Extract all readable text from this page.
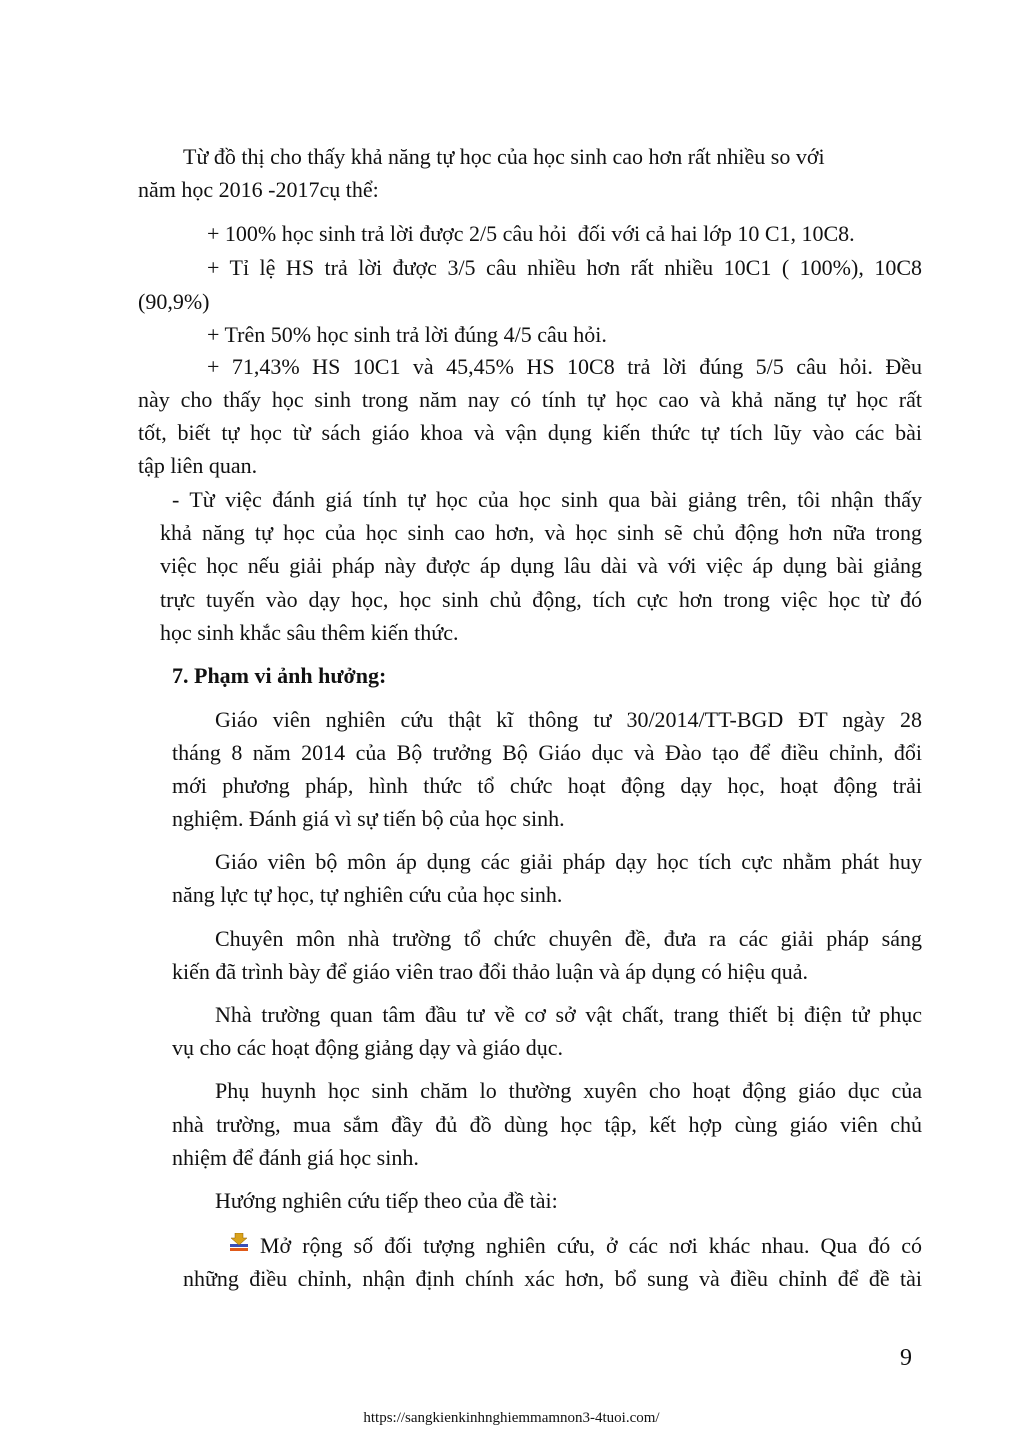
Từ đồ thị cho thấy khả năng tự học của học sinh cao hơn rất nhiều so với
năm học 2016 -2017cụ thể:
+ 100% học sinh trả lời được 2/5 câu hỏi  đối với cả hai lớp 10 C1, 10C8.
+ Tỉ lệ HS trả lời được 3/5 câu nhiều hơn rất nhiều 10C1 ( 100%), 10C8
(90,9%)
+ Trên 50% học sinh trả lời đúng 4/5 câu hỏi.
+ 71,43% HS 10C1 và 45,45% HS 10C8 trả lời đúng 5/5 câu hỏi. Đều
này cho thấy học sinh trong năm nay có tính tự học cao và khả năng tự học rất
tốt, biết tự học từ sách giáo khoa và vận dụng kiến thức tự tích lũy vào các bài
tập liên quan.
- Từ việc đánh giá tính tự học của học sinh qua bài giảng trên, tôi nhận thấy
khả năng tự học của học sinh cao hơn, và học sinh sẽ chủ động hơn nữa trong
việc học nếu giải pháp này được áp dụng lâu dài và với việc áp dụng bài giảng
trực tuyến vào dạy học, học sinh chủ động, tích cực hơn trong việc học từ đó
học sinh khắc sâu thêm kiến thức.
7. Phạm vi ảnh hưởng:
Giáo viên nghiên cứu thật kĩ thông tư 30/2014/TT-BGD ĐT ngày 28
tháng 8 năm 2014 của Bộ trưởng Bộ Giáo dục và Đào tạo để điều chỉnh, đổi
mới phương pháp, hình thức tổ chức hoạt động dạy học, hoạt động trải
nghiệm. Đánh giá vì sự tiến bộ của học sinh.
Giáo viên bộ môn áp dụng các giải pháp dạy học tích cực nhằm phát huy
năng lực tự học, tự nghiên cứu của học sinh.
Chuyên môn nhà trường tổ chức chuyên đề, đưa ra các giải pháp sáng
kiến đã trình bày để giáo viên trao đổi thảo luận và áp dụng có hiệu quả.
Nhà trường quan tâm đầu tư về cơ sở vật chất, trang thiết bị điện tử phục
vụ cho các hoạt động giảng dạy và giáo dục.
Phụ huynh học sinh chăm lo thường xuyên cho hoạt động giáo dục của
nhà trường, mua sắm đầy đủ đồ dùng học tập, kết hợp cùng giáo viên chủ
nhiệm để đánh giá học sinh.
Hướng nghiên cứu tiếp theo của đề tài:
Mở rộng số đối tượng nghiên cứu, ở các nơi khác nhau. Qua đó có
những điều chỉnh, nhận định chính xác hơn, bổ sung và điều chỉnh để đề tài
9
https://sangkienkinhnghiemmamnon3-4tuoi.com/
